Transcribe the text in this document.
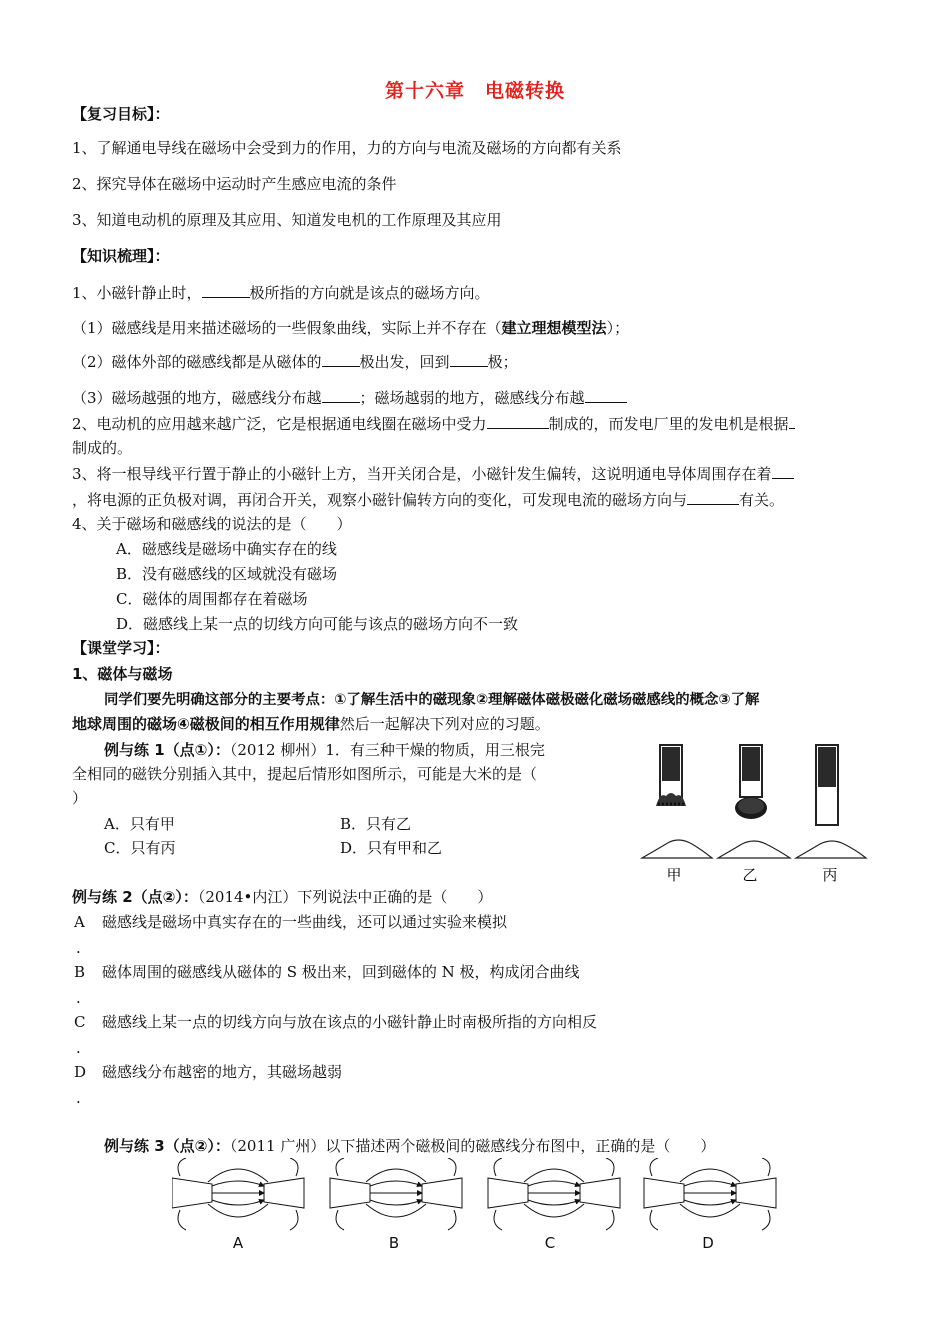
第十六章　电磁转换
【复习目标】：
1、了解通电导线在磁场中会受到力的作用，力的方向与电流及磁场的方向都有关系
2、探究导体在磁场中运动时产生感应电流的条件
3、知道电动机的原理及其应用、知道发电机的工作原理及其应用
【知识梳理】：
1、小磁针静止时，	极所指的方向就是该点的磁场方向。
（1）磁感线是用来描述磁场的一些假象曲线，实际上并不存在（建立理想模型法）；
（2）磁体外部的磁感线都是从磁体的	极出发，回到	极；
（3）磁场越强的地方，磁感线分布越	；磁场越弱的地方，磁感线分布越
2、电动机的应用越来越广泛，它是根据通电线圈在磁场中受力	制成的，而发电厂里的发电机是根据
制成的。
3、将一根导线平行置于静止的小磁针上方，当开关闭合是，小磁针发生偏转，这说明通电导体周围存在着
，将电源的正负极对调，再闭合开关，观察小磁针偏转方向的变化，可发现电流的磁场方向与	有关。
4、关于磁场和磁感线的说法的是（　　）
A．磁感线是磁场中确实存在的线
B．没有磁感线的区域就没有磁场
C．磁体的周围都存在着磁场
D．磁感线上某一点的切线方向可能与该点的磁场方向不一致
【课堂学习】：
1、磁体与磁场
同学们要先明确这部分的主要考点：①了解生活中的磁现象②理解磁体磁极磁化磁场磁感线的概念③了解
地球周围的磁场④磁极间的相互作用规律然后一起解决下列对应的习题。
例与练 1（点①）：（2012 柳州）1．有三种干燥的物质，用三根完
全相同的磁铁分别插入其中，提起后情形如图所示，可能是大米的是（
）
A．只有甲	B．只有乙
C．只有丙	D．只有甲和乙
甲	乙	丙
例与练 2（点②）：（2014•内江）下列说法中正确的是（　　）
A 磁感线是磁场中真实存在的一些曲线，还可以通过实验来模拟
.
B 磁体周围的磁感线从磁体的 S 极出来，回到磁体的 N 极，构成闭合曲线
.
C 磁感线上某一点的切线方向与放在该点的小磁针静止时南极所指的方向相反
.
D 磁感线分布越密的地方，其磁场越弱
.
例与练 3（点②）：（2011 广州）以下描述两个磁极间的磁感线分布图中，正确的是（　　）
A	B	C	D
